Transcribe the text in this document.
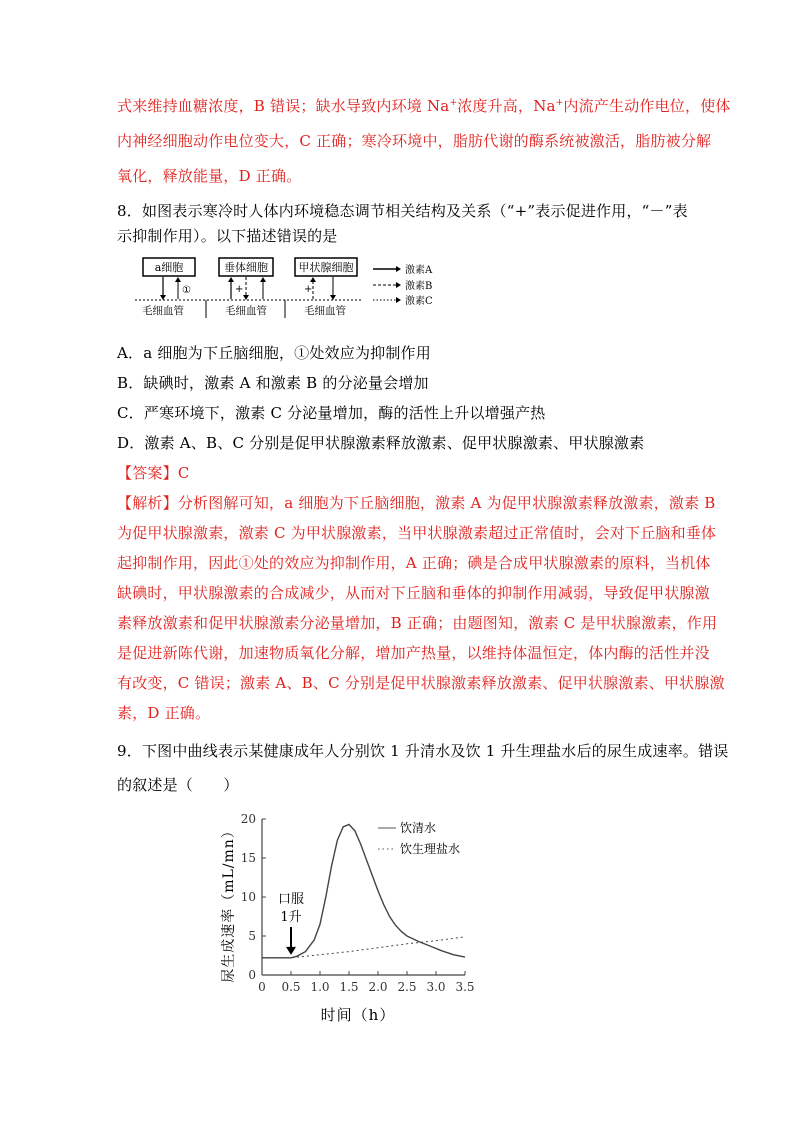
式来维持血糖浓度，B 错误；缺水导致内环境 Na+浓度升高，Na+内流产生动作电位，使体
内神经细胞动作电位变大，C 正确；寒冷环境中，脂肪代谢的酶系统被激活，脂肪被分解
氧化，释放能量，D 正确。
8．如图表示寒冷时人体内环境稳态调节相关结构及关系（“+”表示促进作用，“－”表
示抑制作用）。以下描述错误的是
a细胞	垂体细胞	甲状腺细胞
①	+	+
毛细血管	毛细血管	毛细血管
激素A
激素B
激素C
A．a 细胞为下丘脑细胞，①处效应为抑制作用
B．缺碘时，激素 A 和激素 B 的分泌量会增加
C．严寒环境下，激素 C 分泌量增加，酶的活性上升以增强产热
D．激素 A、B、C 分别是促甲状腺激素释放激素、促甲状腺激素、甲状腺激素
【答案】C
【解析】分析图解可知，a 细胞为下丘脑细胞，激素 A 为促甲状腺激素释放激素，激素 B
为促甲状腺激素，激素 C 为甲状腺激素，当甲状腺激素超过正常值时，会对下丘脑和垂体
起抑制作用，因此①处的效应为抑制作用，A 正确；碘是合成甲状腺激素的原料，当机体
缺碘时，甲状腺激素的合成减少，从而对下丘脑和垂体的抑制作用减弱，导致促甲状腺激
素释放激素和促甲状腺激素分泌量增加，B 正确；由题图知，激素 C 是甲状腺激素，作用
是促进新陈代谢，加速物质氧化分解，增加产热量，以维持体温恒定，体内酶的活性并没
有改变，C 错误；激素 A、B、C 分别是促甲状腺激素释放激素、促甲状腺激素、甲状腺激
素，D 正确。
9．下图中曲线表示某健康成年人分别饮 1 升清水及饮 1 升生理盐水后的尿生成速率。错误
的叙述是（　　）
0 0.5 1.0 1.5 2.0 2.5 3.0 3.5
0
5
10
15
20
尿生成速率（mL/mn）
时间（h）
口服
1升
饮清水
饮生理盐水
